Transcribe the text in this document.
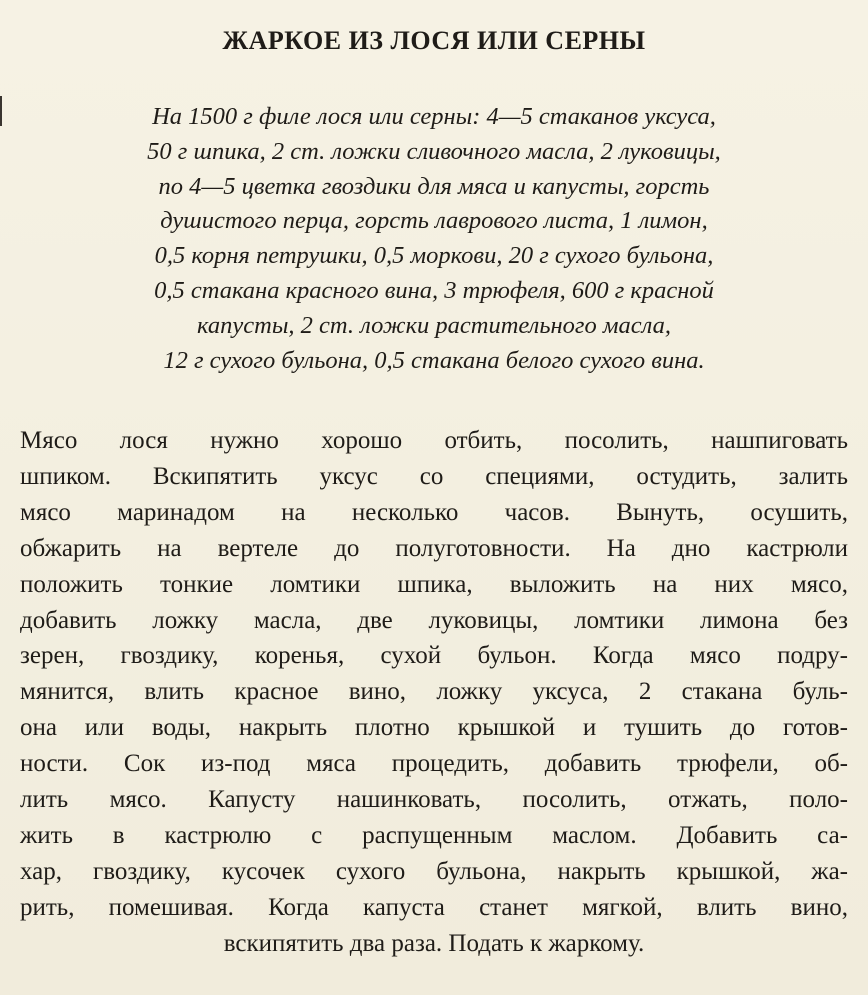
ЖАРКОЕ ИЗ ЛОСЯ ИЛИ СЕРНЫ
На 1500 г филе лося или серны: 4—5 стаканов уксуса,
50 г шпика, 2 ст. ложки сливочного масла, 2 луковицы,
по 4—5 цветка гвоздики для мяса и капусты, горсть
душистого перца, горсть лаврового листа, 1 лимон,
0,5 корня петрушки, 0,5 моркови, 20 г сухого бульона,
0,5 стакана красного вина, 3 трюфеля, 600 г красной
капусты, 2 ст. ложки растительного масла,
12 г сухого бульона, 0,5 стакана белого сухого вина.
Мясо лося нужно хорошо отбить, посолить, нашпиговать
шпиком. Вскипятить уксус со специями, остудить, залить
мясо маринадом на несколько часов. Вынуть, осушить,
обжарить на вертеле до полуготовности. На дно кастрюли
положить тонкие ломтики шпика, выложить на них мясо,
добавить ложку масла, две луковицы, ломтики лимона без
зерен, гвоздику, коренья, сухой бульон. Когда мясо подру-
мянится, влить красное вино, ложку уксуса, 2 стакана буль-
она или воды, накрыть плотно крышкой и тушить до готов-
ности. Сок из-под мяса процедить, добавить трюфели, об-
лить мясо. Капусту нашинковать, посолить, отжать, поло-
жить в кастрюлю с распущенным маслом. Добавить са-
хар, гвоздику, кусочек сухого бульона, накрыть крышкой, жа-
рить, помешивая. Когда капуста станет мягкой, влить вино,
вскипятить два раза. Подать к жаркому.
